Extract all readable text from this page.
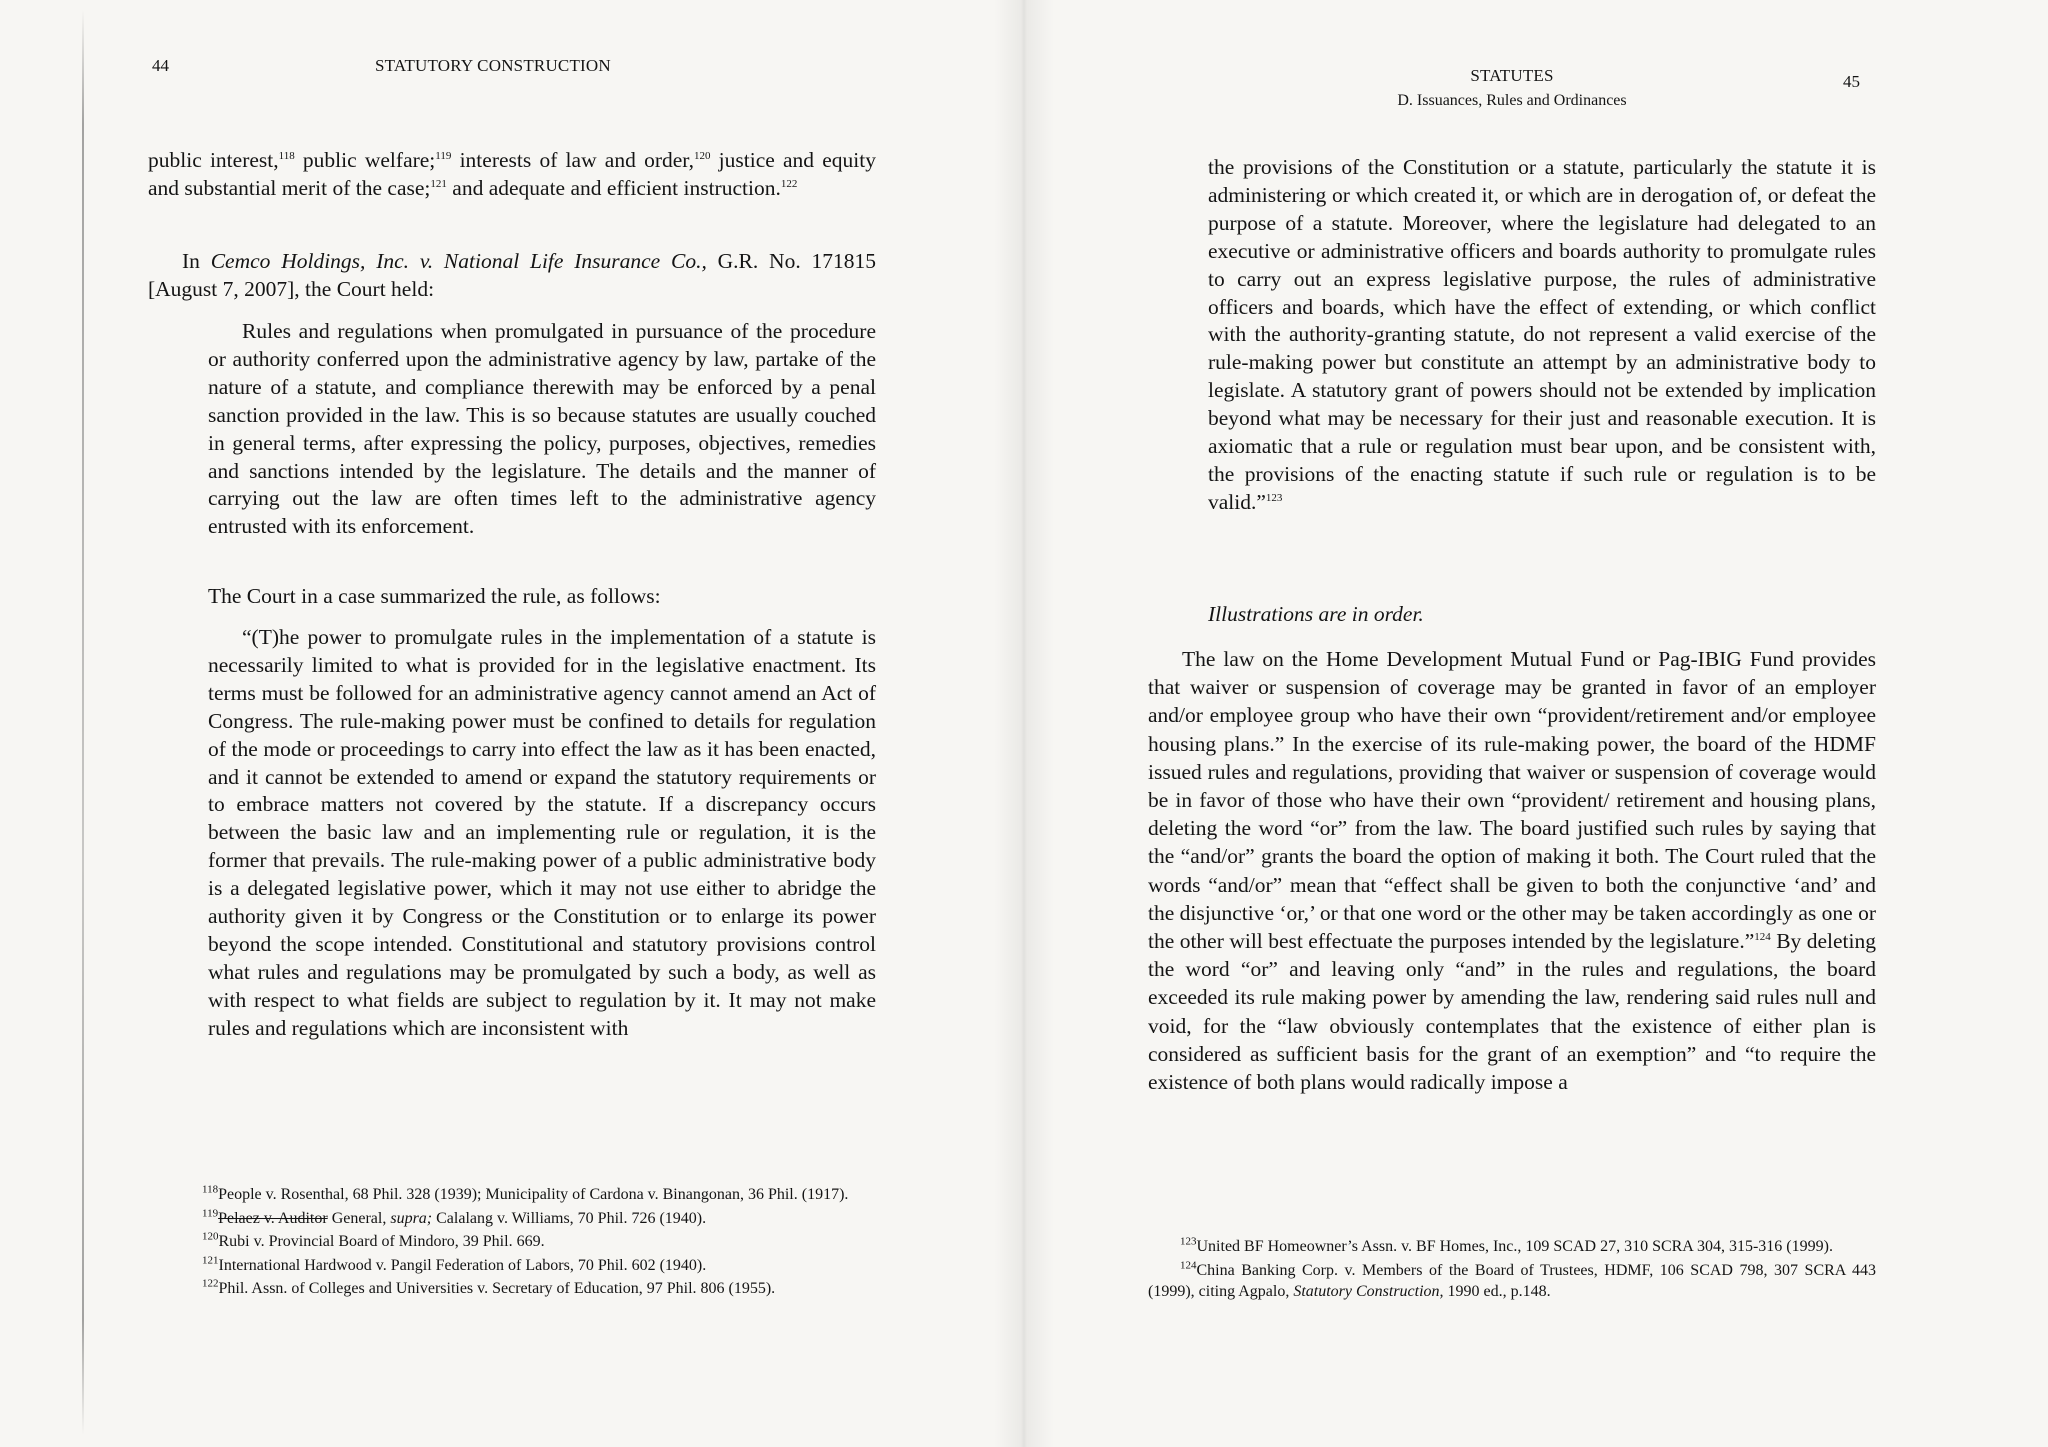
44	STATUTORY CONSTRUCTION

public interest,$^{118}$ public welfare;$^{119}$ interests of law and order,$^{120}$ justice and equity and substantial merit of the case;$^{121}$ and adequate and efficient instruction.$^{122}$

In Cemco Holdings, Inc. v. National Life Insurance Co., G.R. No. 171815 [August 7, 2007], the Court held:

Rules and regulations when promulgated in pursuance of the procedure or authority conferred upon the administrative agency by law, partake of the nature of a statute, and compliance therewith may be enforced by a penal sanction provided in the law. This is so because statutes are usually couched in general terms, after expressing the policy, purposes, objectives, remedies and sanctions intended by the legislature. The details and the manner of carrying out the law are often times left to the administrative agency entrusted with its enforcement.

The Court in a case summarized the rule, as follows:

“(T)he power to promulgate rules in the implementation of a statute is necessarily limited to what is provided for in the legislative enactment. Its terms must be followed for an administrative agency cannot amend an Act of Congress. The rule-making power must be confined to details for regulation of the mode or proceedings to carry into effect the law as it has been enacted, and it cannot be extended to amend or expand the statutory requirements or to embrace matters not covered by the statute. If a discrepancy occurs between the basic law and an implementing rule or regulation, it is the former that prevails. The rule-making power of a public administrative body is a delegated legislative power, which it may not use either to abridge the authority given it by Congress or the Constitution or to enlarge its power beyond the scope intended. Constitutional and statutory provisions control what rules and regulations may be promulgated by such a body, as well as with respect to what fields are subject to regulation by it. It may not make rules and regulations which are inconsistent with

$^{118}$People v. Rosenthal, 68 Phil. 328 (1939); Municipality of Cardona v. Binangonan, 36 Phil. (1917).

$^{119}$Pelaez v. Auditor General, supra; Calalang v. Williams, 70 Phil. 726 (1940).

$^{120}$Rubi v. Provincial Board of Mindoro, 39 Phil. 669.

$^{121}$International Hardwood v. Pangil Federation of Labors, 70 Phil. 602 (1940).

$^{122}$Phil. Assn. of Colleges and Universities v. Secretary of Education, 97 Phil. 806 (1955).

STATUTES
D. Issuances, Rules and Ordinances
45

the provisions of the Constitution or a statute, particularly the statute it is administering or which created it, or which are in derogation of, or defeat the purpose of a statute. Moreover, where the legislature had delegated to an executive or administrative officers and boards authority to promulgate rules to carry out an express legislative purpose, the rules of administrative officers and boards, which have the effect of extending, or which conflict with the authority-granting statute, do not represent a valid exercise of the rule-making power but constitute an attempt by an administrative body to legislate. A statutory grant of powers should not be extended by implication beyond what may be necessary for their just and reasonable execution. It is axiomatic that a rule or regulation must bear upon, and be consistent with, the provisions of the enacting statute if such rule or regulation is to be valid.”$^{123}$

Illustrations are in order.

The law on the Home Development Mutual Fund or Pag-IBIG Fund provides that waiver or suspension of coverage may be granted in favor of an employer and/or employee group who have their own “provident/retirement and/or employee housing plans.” In the exercise of its rule-making power, the board of the HDMF issued rules and regulations, providing that waiver or suspension of coverage would be in favor of those who have their own “provident/ retirement and housing plans, deleting the word “or” from the law. The board justified such rules by saying that the “and/or” grants the board the option of making it both. The Court ruled that the words “and/or” mean that “effect shall be given to both the conjunctive ‘and’ and the disjunctive ‘or,’ or that one word or the other may be taken accordingly as one or the other will best effectuate the purposes intended by the legislature.”$^{124}$ By deleting the word “or” and leaving only “and” in the rules and regulations, the board exceeded its rule making power by amending the law, rendering said rules null and void, for the “law obviously contemplates that the existence of either plan is considered as sufficient basis for the grant of an exemption” and “to require the existence of both plans would radically impose a

$^{123}$United BF Homeowner’s Assn. v. BF Homes, Inc., 109 SCAD 27, 310 SCRA 304, 315-316 (1999).

$^{124}$China Banking Corp. v. Members of the Board of Trustees, HDMF, 106 SCAD 798, 307 SCRA 443 (1999), citing Agpalo, Statutory Construction, 1990 ed., p.148.
